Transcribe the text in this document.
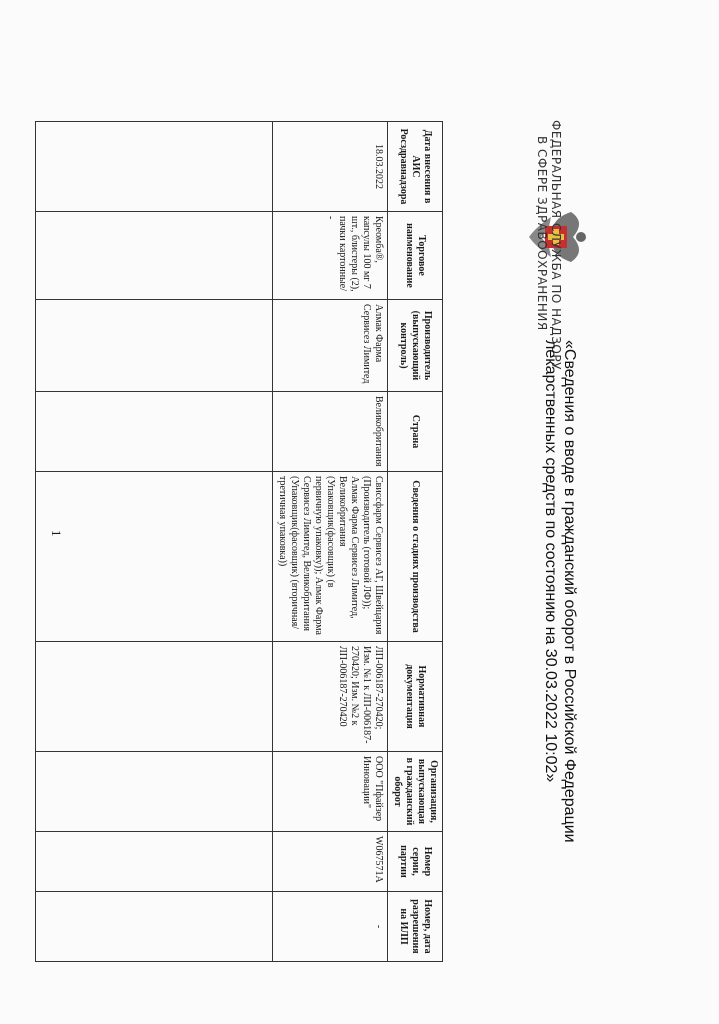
ФЕДЕРАЛЬНАЯ СЛУЖБА ПО НАДЗОРУ
В СФЕРЕ ЗДРАВООХРАНЕНИЯ
«Сведения о вводе в гражданский оборот в Российской Федерации лекарственных средств по состоянию на 30.03.2022 10:02»
Дата внесения в АИС Росздравнадзора	Торговое наименование	Производитель (выпускающий контроль)	Страна	Сведения о стадиях производства	Нормативная документация	Организация, выпускающая в гражданский оборот	Номер серии, партии	Номер, дата разрешения на ИЛП
18.03.2022	Креомба®, капсулы 100 мг 7 шт., блистеры (2), пачки картонные/ -	Алмак Фарма Сервисез Лимитед	Великобритания	Свиссфарм Сервисез АГ, Швейцария (Производитель (готовой ЛФ)); Алмак Фарма Сервисез Лимитед, Великобритания (Упаковщик(фасовщик) (в первичную упаковку)); Алмак Фарма Сервисез Лимитед, Великобритания (Упаковщик(фасовщик) (вторичная/третичная упаковка))	ЛП-006187-270420; Изм. №1 к ЛП-006187-270420; Изм. №2 к ЛП-006187-270420	ООО "Пфайзер Инновации"	W067571A	-

1
